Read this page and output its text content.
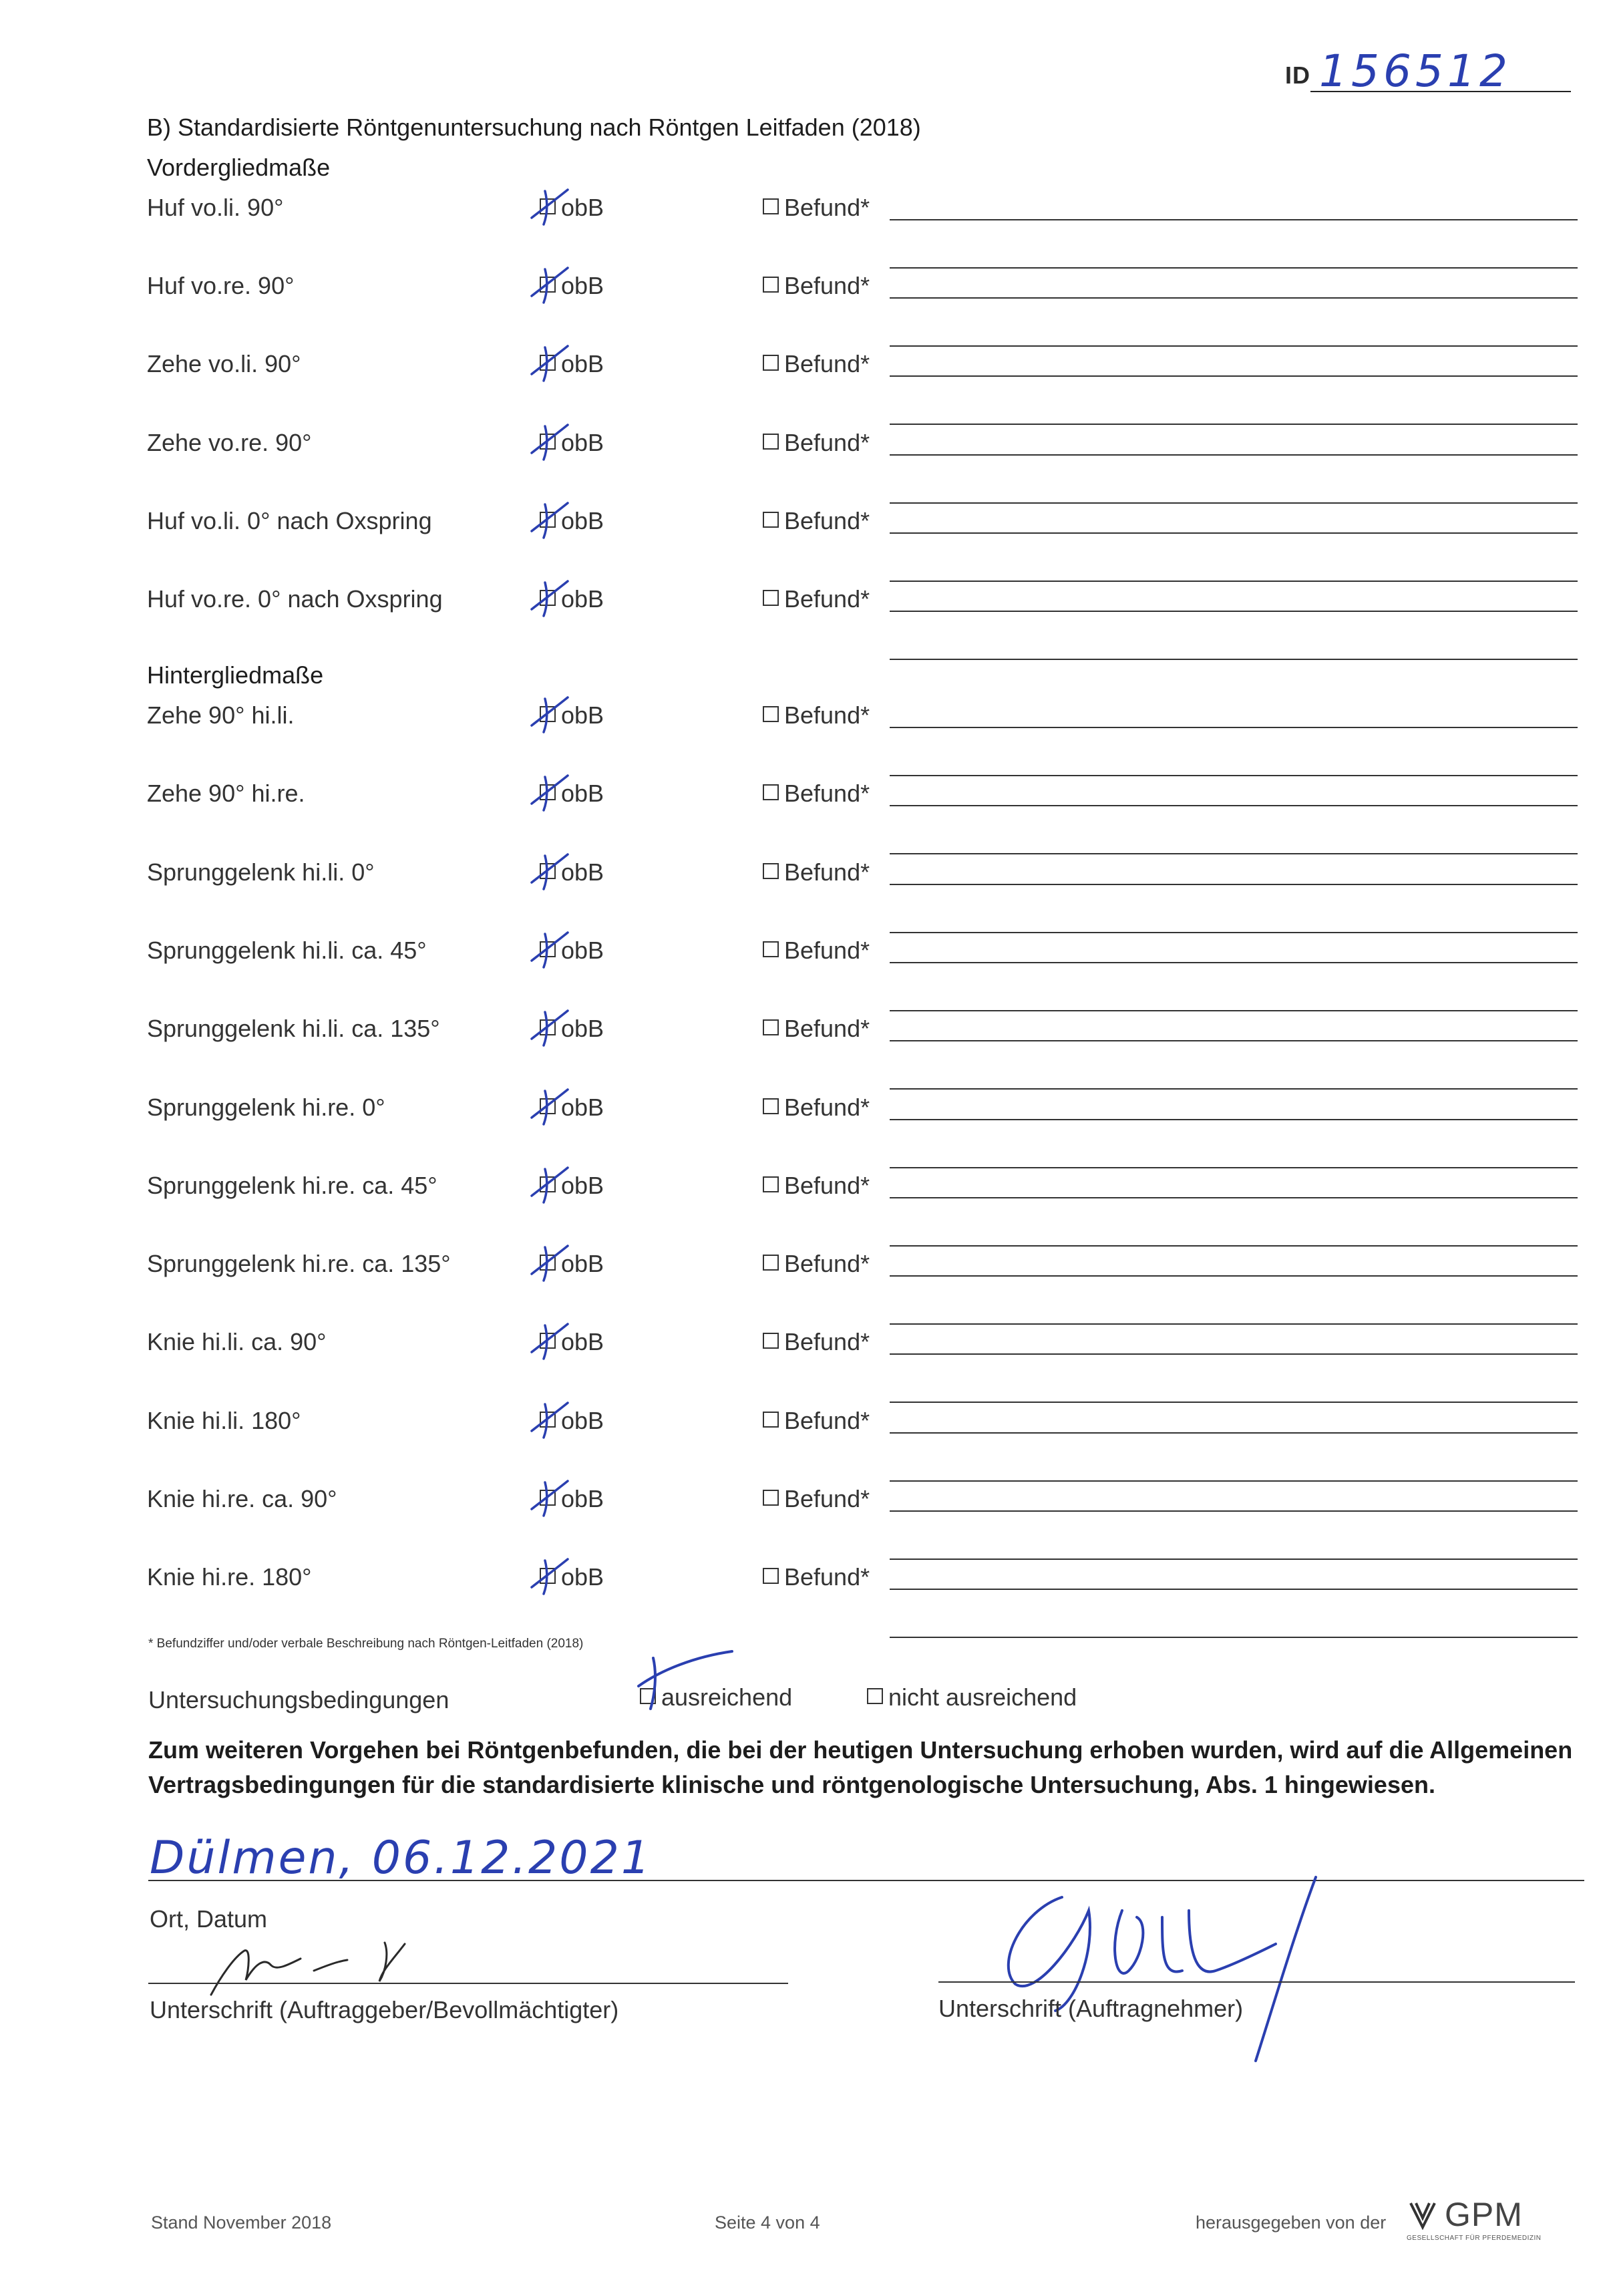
ID 156512
B) Standardisierte Röntgenuntersuchung nach Röntgen Leitfaden (2018)
Vordergliedmaße
Huf vo.li. 90°	obB	Befund*
Huf vo.re. 90°	obB	Befund*
Zehe vo.li. 90°	obB	Befund*
Zehe vo.re. 90°	obB	Befund*
Huf vo.li. 0° nach Oxspring	obB	Befund*
Huf vo.re. 0° nach Oxspring	obB	Befund*
Hintergliedmaße
Zehe 90° hi.li.	obB	Befund*
Zehe 90° hi.re.	obB	Befund*
Sprunggelenk hi.li. 0°	obB	Befund*
Sprunggelenk hi.li. ca. 45°	obB	Befund*
Sprunggelenk hi.li. ca. 135°	obB	Befund*
Sprunggelenk hi.re. 0°	obB	Befund*
Sprunggelenk hi.re. ca. 45°	obB	Befund*
Sprunggelenk hi.re. ca. 135°	obB	Befund*
Knie hi.li. ca. 90°	obB	Befund*
Knie hi.li. 180°	obB	Befund*
Knie hi.re. ca. 90°	obB	Befund*
Knie hi.re. 180°	obB	Befund*
* Befundziffer und/oder verbale Beschreibung nach Röntgen-Leitfaden (2018)
Untersuchungsbedingungen	ausreichend	nicht ausreichend
Zum weiteren Vorgehen bei Röntgenbefunden, die bei der heutigen Untersuchung erhoben wurden, wird auf die Allgemeinen Vertragsbedingungen für die standardisierte klinische und röntgenologische Untersuchung, Abs. 1 hingewiesen.
Dülmen, 06.12.2021
Ort, Datum
Unterschrift (Auftraggeber/Bevollmächtigter)	Unterschrift (Auftragnehmer)
Stand November 2018	Seite 4 von 4	herausgegeben von der GPM
GESELLSCHAFT FÜR PFERDEMEDIZIN
